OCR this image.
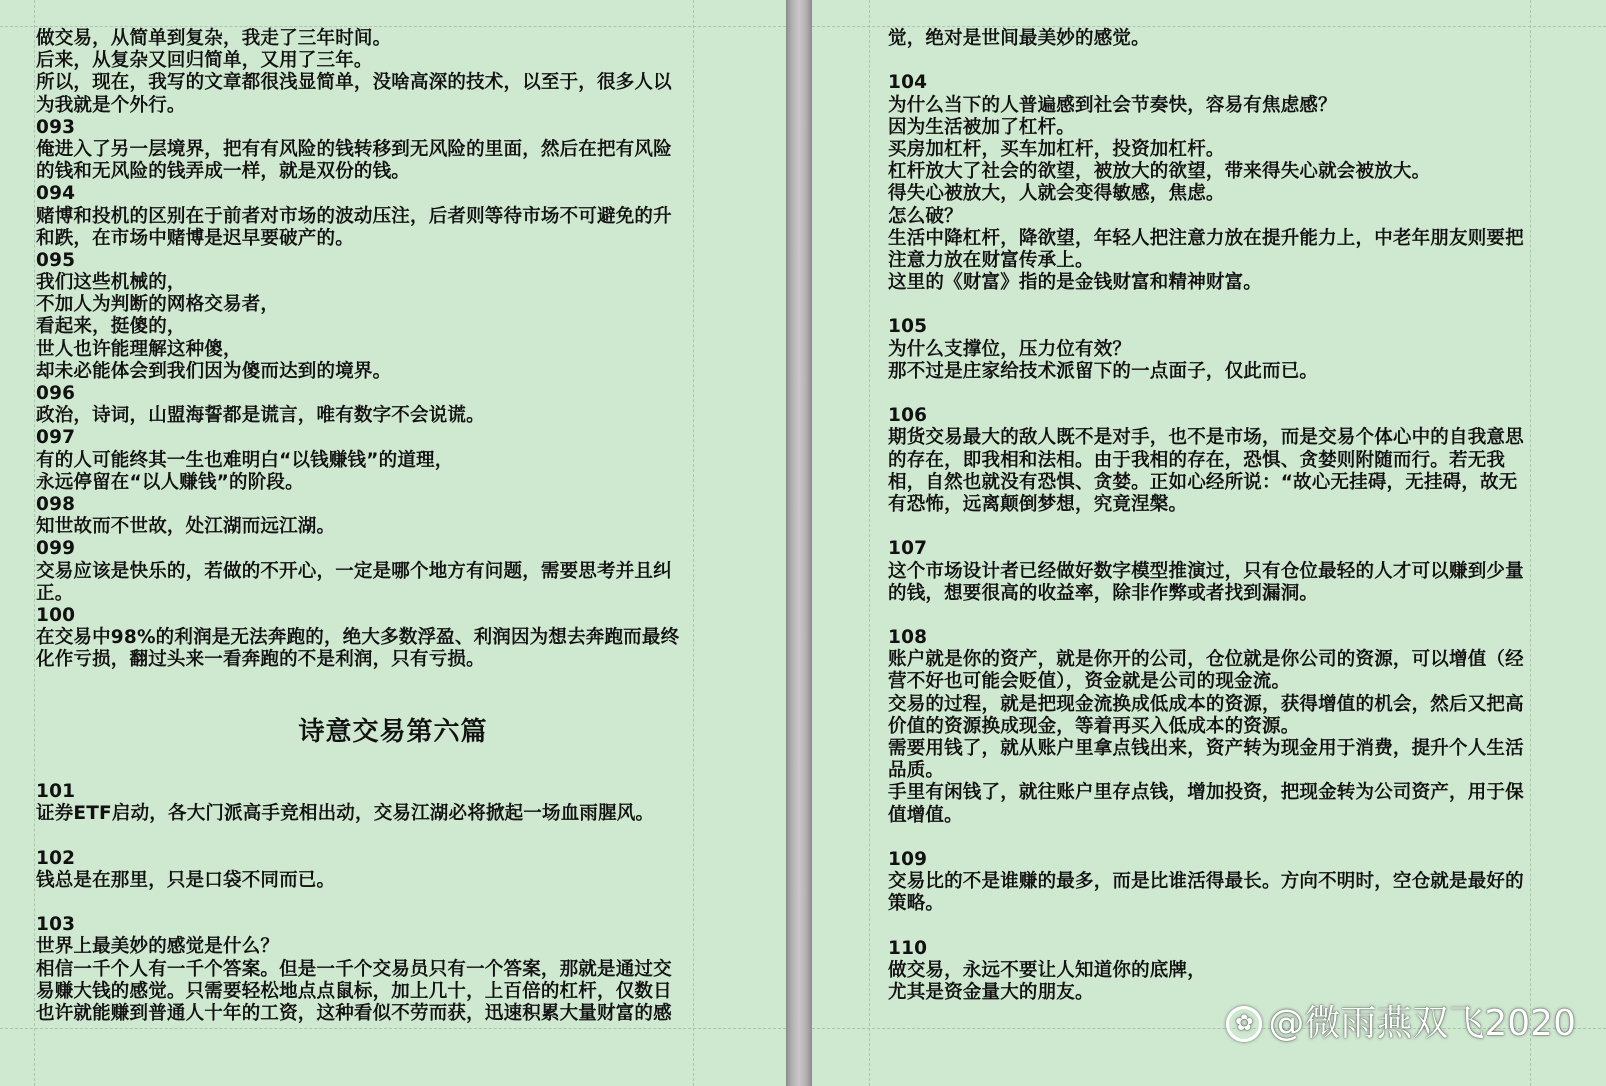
做交易，从简单到复杂，我走了三年时间。
后来，从复杂又回归简单，又用了三年。
所以，现在，我写的文章都很浅显简单，没啥高深的技术，以至于，很多人以
为我就是个外行。
093
俺进入了另一层境界，把有有风险的钱转移到无风险的里面，然后在把有风险
的钱和无风险的钱弄成一样，就是双份的钱。
094
赌博和投机的区别在于前者对市场的波动压注，后者则等待市场不可避免的升
和跌，在市场中赌博是迟早要破产的。
095
我们这些机械的，
不加人为判断的网格交易者，
看起来，挺傻的，
世人也许能理解这种傻，
却未必能体会到我们因为傻而达到的境界。
096
政治，诗词，山盟海誓都是谎言，唯有数字不会说谎。
097
有的人可能终其一生也难明白“以钱赚钱”的道理，
永远停留在“以人赚钱”的阶段。
098
知世故而不世故，处江湖而远江湖。
099
交易应该是快乐的，若做的不开心，一定是哪个地方有问题，需要思考并且纠
正。
100
在交易中98%的利润是无法奔跑的，绝大多数浮盈、利润因为想去奔跑而最终
化作亏损，翻过头来一看奔跑的不是利润，只有亏损。
诗意交易第六篇
101
证券ETF启动，各大门派高手竞相出动，交易江湖必将掀起一场血雨腥风。
102
钱总是在那里，只是口袋不同而已。
103
世界上最美妙的感觉是什么？
相信一千个人有一千个答案。但是一千个交易员只有一个答案，那就是通过交
易赚大钱的感觉。只需要轻松地点点鼠标，加上几十，上百倍的杠杆，仅数日
也许就能赚到普通人十年的工资，这种看似不劳而获，迅速积累大量财富的感
觉，绝对是世间最美妙的感觉。
104
为什么当下的人普遍感到社会节奏快，容易有焦虑感？
因为生活被加了杠杆。
买房加杠杆，买车加杠杆，投资加杠杆。
杠杆放大了社会的欲望，被放大的欲望，带来得失心就会被放大。
得失心被放大，人就会变得敏感，焦虑。
怎么破？
生活中降杠杆，降欲望，年轻人把注意力放在提升能力上，中老年朋友则要把
注意力放在财富传承上。
这里的《财富》指的是金钱财富和精神财富。
105
为什么支撑位，压力位有效？
那不过是庄家给技术派留下的一点面子，仅此而已。
106
期货交易最大的敌人既不是对手，也不是市场，而是交易个体心中的自我意思
的存在，即我相和法相。由于我相的存在，恐惧、贪婪则附随而行。若无我
相，自然也就没有恐惧、贪婪。正如心经所说：“故心无挂碍，无挂碍，故无
有恐怖，远离颠倒梦想，究竟涅槃。
107
这个市场设计者已经做好数字模型推演过，只有仓位最轻的人才可以赚到少量
的钱，想要很高的收益率，除非作弊或者找到漏洞。
108
账户就是你的资产，就是你开的公司，仓位就是你公司的资源，可以增值（经
营不好也可能会贬值），资金就是公司的现金流。
交易的过程，就是把现金流换成低成本的资源，获得增值的机会，然后又把高
价值的资源换成现金，等着再买入低成本的资源。
需要用钱了，就从账户里拿点钱出来，资产转为现金用于消费，提升个人生活
品质。
手里有闲钱了，就往账户里存点钱，增加投资，把现金转为公司资产，用于保
值增值。
109
交易比的不是谁赚的最多，而是比谁活得最长。方向不明时，空仓就是最好的
策略。
110
做交易，永远不要让人知道你的底牌，
尤其是资金量大的朋友。
✿ @微雨燕双飞2020
